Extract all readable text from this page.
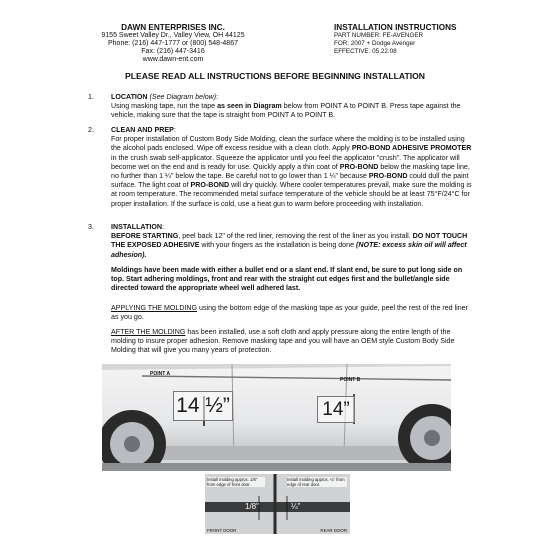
DAWN ENTERPRISES INC.
9155 Sweet Valley Dr., Valley View, OH 44125
Phone: (216) 447-1777 or (800) 548-4867
Fax: (216) 447-3416
www.dawn-ent.com
INSTALLATION INSTRUCTIONS
PART NUMBER: FE-AVENGER
FOR: 2007 + Dodge Avenger
EFFECTIVE: 05.22.08
PLEASE READ ALL INSTRUCTIONS BEFORE BEGINNING INSTALLATION
1. LOCATION (See Diagram below):
Using masking tape, run the tape as seen in Diagram below from POINT A to POINT B. Press tape against the vehicle, making sure that the tape is straight from POINT A to POINT B.
2. CLEAN AND PREP:
For proper installation of Custom Body Side Molding, clean the surface where the molding is to be installed using the alcohol pads enclosed. Wipe off excess residue with a clean cloth. Apply PRO-BOND ADHESIVE PROMOTER in the crush swab self-applicator. Squeeze the applicator until you feel the applicator "crush". The applicator will become wet on the end and is ready for use. Quickly apply a thin coat of PRO-BOND below the masking tape line, no further than 1 ¼" below the tape. Be careful not to go lower than 1 ¼" because PRO-BOND could dull the paint surface. The light coat of PRO-BOND will dry quickly. Where cooler temperatures prevail, make sure the molding is at room temperature. The recommended metal surface temperature of the vehicle should be at least 75°F/24°C for proper installation. If the surface is cold, use a heat gun to warm before proceeding with installation.
3. INSTALLATION:
BEFORE STARTING, peel back 12" of the red liner, removing the rest of the liner as you install. DO NOT TOUCH THE EXPOSED ADHESIVE with your fingers as the installation is being done (NOTE: excess skin oil will affect adhesion).
Moldings have been made with either a bullet end or a slant end. If slant end, be sure to put long side on top. Start adhering moldings, front and rear with the straight cut edges first and the bullet/angle side directed toward the appropriate wheel well adhered last.
APPLYING THE MOLDING using the bottom edge of the masking tape as your guide, peel the rest of the red liner as you go.
AFTER THE MOLDING has been installed, use a soft cloth and apply pressure along the entire length of the molding to insure proper adhesion. Remove masking tape and you will have an OEM style Custom Body Side Molding that will give you many years of protection.
POINT A
POINT B
14 ½”	14”
Install molding approx. 1/8" from edge of front door.
Install molding approx. ¼" from edge of rear door.
1/8"	¼"
FRONT DOOR	REAR DOOR
